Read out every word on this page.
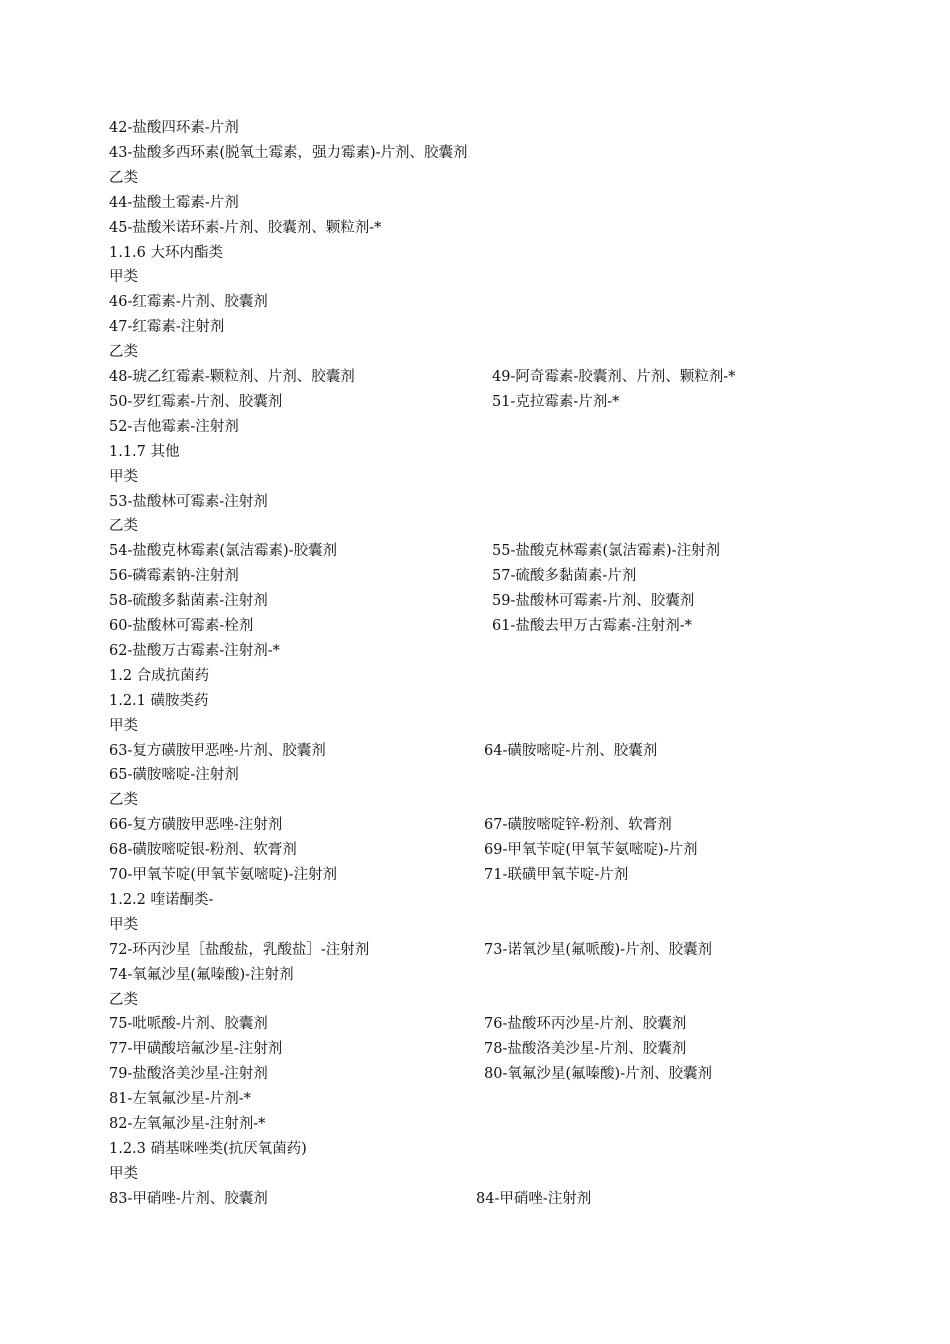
42-盐酸四环素-片剂
43-盐酸多西环素(脱氧土霉素，强力霉素)-片剂、胶囊剂
乙类
44-盐酸土霉素-片剂
45-盐酸米诺环素-片剂、胶囊剂、颗粒剂-*
1.1.6 大环内酯类
甲类
46-红霉素-片剂、胶囊剂
47-红霉素-注射剂
乙类
48-琥乙红霉素-颗粒剂、片剂、胶囊剂	49-阿奇霉素-胶囊剂、片剂、颗粒剂-*
50-罗红霉素-片剂、胶囊剂	51-克拉霉素-片剂-*
52-吉他霉素-注射剂
1.1.7 其他
甲类
53-盐酸林可霉素-注射剂
乙类
54-盐酸克林霉素(氯洁霉素)-胶囊剂	55-盐酸克林霉素(氯洁霉素)-注射剂
56-磷霉素钠-注射剂	57-硫酸多黏菌素-片剂
58-硫酸多黏菌素-注射剂	59-盐酸林可霉素-片剂、胶囊剂
60-盐酸林可霉素-栓剂	61-盐酸去甲万古霉素-注射剂-*
62-盐酸万古霉素-注射剂-*
1.2 合成抗菌药
1.2.1 磺胺类药
甲类
63-复方磺胺甲恶唑-片剂、胶囊剂	64-磺胺嘧啶-片剂、胶囊剂
65-磺胺嘧啶-注射剂
乙类
66-复方磺胺甲恶唑-注射剂	67-磺胺嘧啶锌-粉剂、软膏剂
68-磺胺嘧啶银-粉剂、软膏剂	69-甲氧苄啶(甲氧苄氨嘧啶)-片剂
70-甲氧苄啶(甲氧苄氨嘧啶)-注射剂	71-联磺甲氧苄啶-片剂
1.2.2 喹诺酮类-
甲类
72-环丙沙星［盐酸盐，乳酸盐］-注射剂	73-诺氧沙星(氟哌酸)-片剂、胶囊剂
74-氧氟沙星(氟嗪酸)-注射剂
乙类
75-吡哌酸-片剂、胶囊剂	76-盐酸环丙沙星-片剂、胶囊剂
77-甲磺酸培氟沙星-注射剂	78-盐酸洛美沙星-片剂、胶囊剂
79-盐酸洛美沙星-注射剂	80-氧氟沙星(氟嗪酸)-片剂、胶囊剂
81-左氧氟沙星-片剂-*
82-左氧氟沙星-注射剂-*
1.2.3 硝基咪唑类(抗厌氧菌药)
甲类
83-甲硝唑-片剂、胶囊剂	84-甲硝唑-注射剂
